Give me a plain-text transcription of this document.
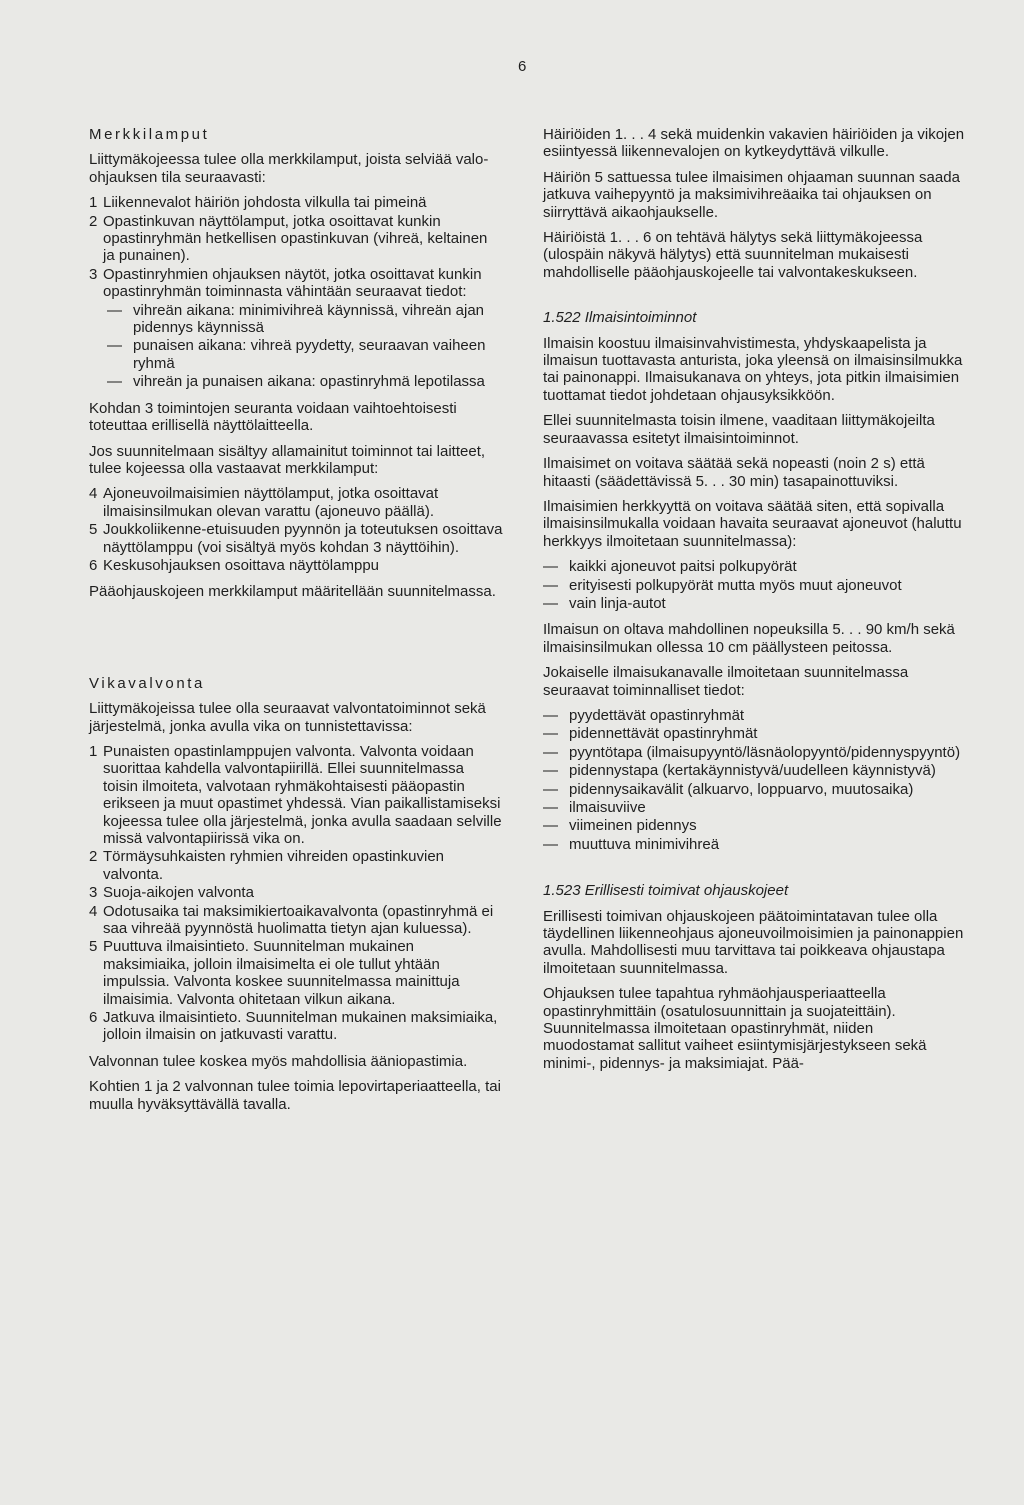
6

Merkkilamput

Liittymäkojeessa tulee olla merkkilamput, joista selviää valo-ohjauksen tila seuraavasti:

1 Liikennevalot häiriön johdosta vilkulla tai pimeinä
2 Opastinkuvan näyttölamput, jotka osoittavat kunkin opastinryhmän hetkellisen opastinkuvan (vihreä, keltainen ja punainen).
3 Opastinryhmien ohjauksen näytöt, jotka osoittavat kunkin opastinryhmän toiminnasta vähintään seuraavat tiedot:
— vihreän aikana: minimivihreä käynnissä, vihreän ajan pidennys käynnissä
— punaisen aikana: vihreä pyydetty, seuraavan vaiheen ryhmä
— vihreän ja punaisen aikana: opastinryhmä lepotilassa

Kohdan 3 toimintojen seuranta voidaan vaihtoehtoisesti toteuttaa erillisellä näyttölaitteella.

Jos suunnitelmaan sisältyy allamainitut toiminnot tai laitteet, tulee kojeessa olla vastaavat merkkilamput:

4 Ajoneuvoilmaisimien näyttölamput, jotka osoittavat ilmaisinsilmukan olevan varattu (ajoneuvo päällä).
5 Joukkoliikenne-etuisuuden pyynnön ja toteutuksen osoittava näyttölamppu (voi sisältyä myös kohdan 3 näyttöihin).
6 Keskusohjauksen osoittava näyttölamppu

Pääohjauskojeen merkkilamput määritellään suunnitelmassa.

Vikavalvonta

Liittymäkojeissa tulee olla seuraavat valvontatoiminnot sekä järjestelmä, jonka avulla vika on tunnistettavissa:

1 Punaisten opastinlamppujen valvonta. Valvonta voidaan suorittaa kahdella valvontapiirillä. Ellei suunnitelmassa toisin ilmoiteta, valvotaan ryhmäkohtaisesti pääopastin erikseen ja muut opastimet yhdessä. Vian paikallistamiseksi kojeessa tulee olla järjestelmä, jonka avulla saadaan selville missä valvontapiirissä vika on.
2 Törmäysuhkaisten ryhmien vihreiden opastinkuvien valvonta.
3 Suoja-aikojen valvonta
4 Odotusaika tai maksimikiertoaikavalvonta (opastinryhmä ei saa vihreää pyynnöstä huolimatta tietyn ajan kuluessa).
5 Puuttuva ilmaisintieto. Suunnitelman mukainen maksimiaika, jolloin ilmaisimelta ei ole tullut yhtään impulssia. Valvonta koskee suunnitelmassa mainittuja ilmaisimia. Valvonta ohitetaan vilkun aikana.
6 Jatkuva ilmaisintieto. Suunnitelman mukainen maksimiaika, jolloin ilmaisin on jatkuvasti varattu.

Valvonnan tulee koskea myös mahdollisia ääniopastimia.

Kohtien 1 ja 2 valvonnan tulee toimia lepovirtaperiaatteella, tai muulla hyväksyttävällä tavalla.

Häiriöiden 1. . . 4 sekä muidenkin vakavien häiriöiden ja vikojen esiintyessä liikennevalojen on kytkeydyttävä vilkulle.

Häiriön 5 sattuessa tulee ilmaisimen ohjaaman suunnan saada jatkuva vaihepyyntö ja maksimivihreäaika tai ohjauksen on siirryttävä aikaohjaukselle.

Häiriöistä 1. . . 6 on tehtävä hälytys sekä liittymäkojeessa (ulospäin näkyvä hälytys) että suunnitelman mukaisesti mahdolliselle pääohjauskojeelle tai valvontakeskukseen.

1.522 Ilmaisintoiminnot

Ilmaisin koostuu ilmaisinvahvistimesta, yhdyskaapelista ja ilmaisun tuottavasta anturista, joka yleensä on ilmaisinsilmukka tai painonappi. Ilmaisukanava on yhteys, jota pitkin ilmaisimien tuottamat tiedot johdetaan ohjausyksikköön.

Ellei suunnitelmasta toisin ilmene, vaaditaan liittymäkojeilta seuraavassa esitetyt ilmaisintoiminnot.

Ilmaisimet on voitava säätää sekä nopeasti (noin 2 s) että hitaasti (säädettävissä 5. . . 30 min) tasapainottuviksi.

Ilmaisimien herkkyyttä on voitava säätää siten, että sopivalla ilmaisinsilmukalla voidaan havaita seuraavat ajoneuvot (haluttu herkkyys ilmoitetaan suunnitelmassa):

— kaikki ajoneuvot paitsi polkupyörät
— erityisesti polkupyörät mutta myös muut ajoneuvot
— vain linja-autot

Ilmaisun on oltava mahdollinen nopeuksilla 5. . . 90 km/h sekä ilmaisinsilmukan ollessa 10 cm päällysteen peitossa.

Jokaiselle ilmaisukanavalle ilmoitetaan suunnitelmassa seuraavat toiminnalliset tiedot:

— pyydettävät opastinryhmät
— pidennettävät opastinryhmät
— pyyntötapa (ilmaisupyyntö/läsnäolopyyntö/pidennyspyyntö)
— pidennystapa (kertakäynnistyvä/uudelleen käynnistyvä)
— pidennysaikavälit (alkuarvo, loppuarvo, muutosaika)
— ilmaisuviive
— viimeinen pidennys
— muuttuva minimivihreä

1.523 Erillisesti toimivat ohjauskojeet

Erillisesti toimivan ohjauskojeen päätoimintatavan tulee olla täydellinen liikenneohjaus ajoneuvoilmoisimien ja painonappien avulla. Mahdollisesti muu tarvittava tai poikkeava ohjaustapa ilmoitetaan suunnitelmassa.

Ohjauksen tulee tapahtua ryhmäohjausperiaatteella opastinryhmittäin (osatulosuunnittain ja suojateittäin). Suunnitelmassa ilmoitetaan opastinryhmät, niiden muodostamat sallitut vaiheet esiintymisjärjestykseen sekä minimi-, pidennys- ja maksimiajat. Pää-
